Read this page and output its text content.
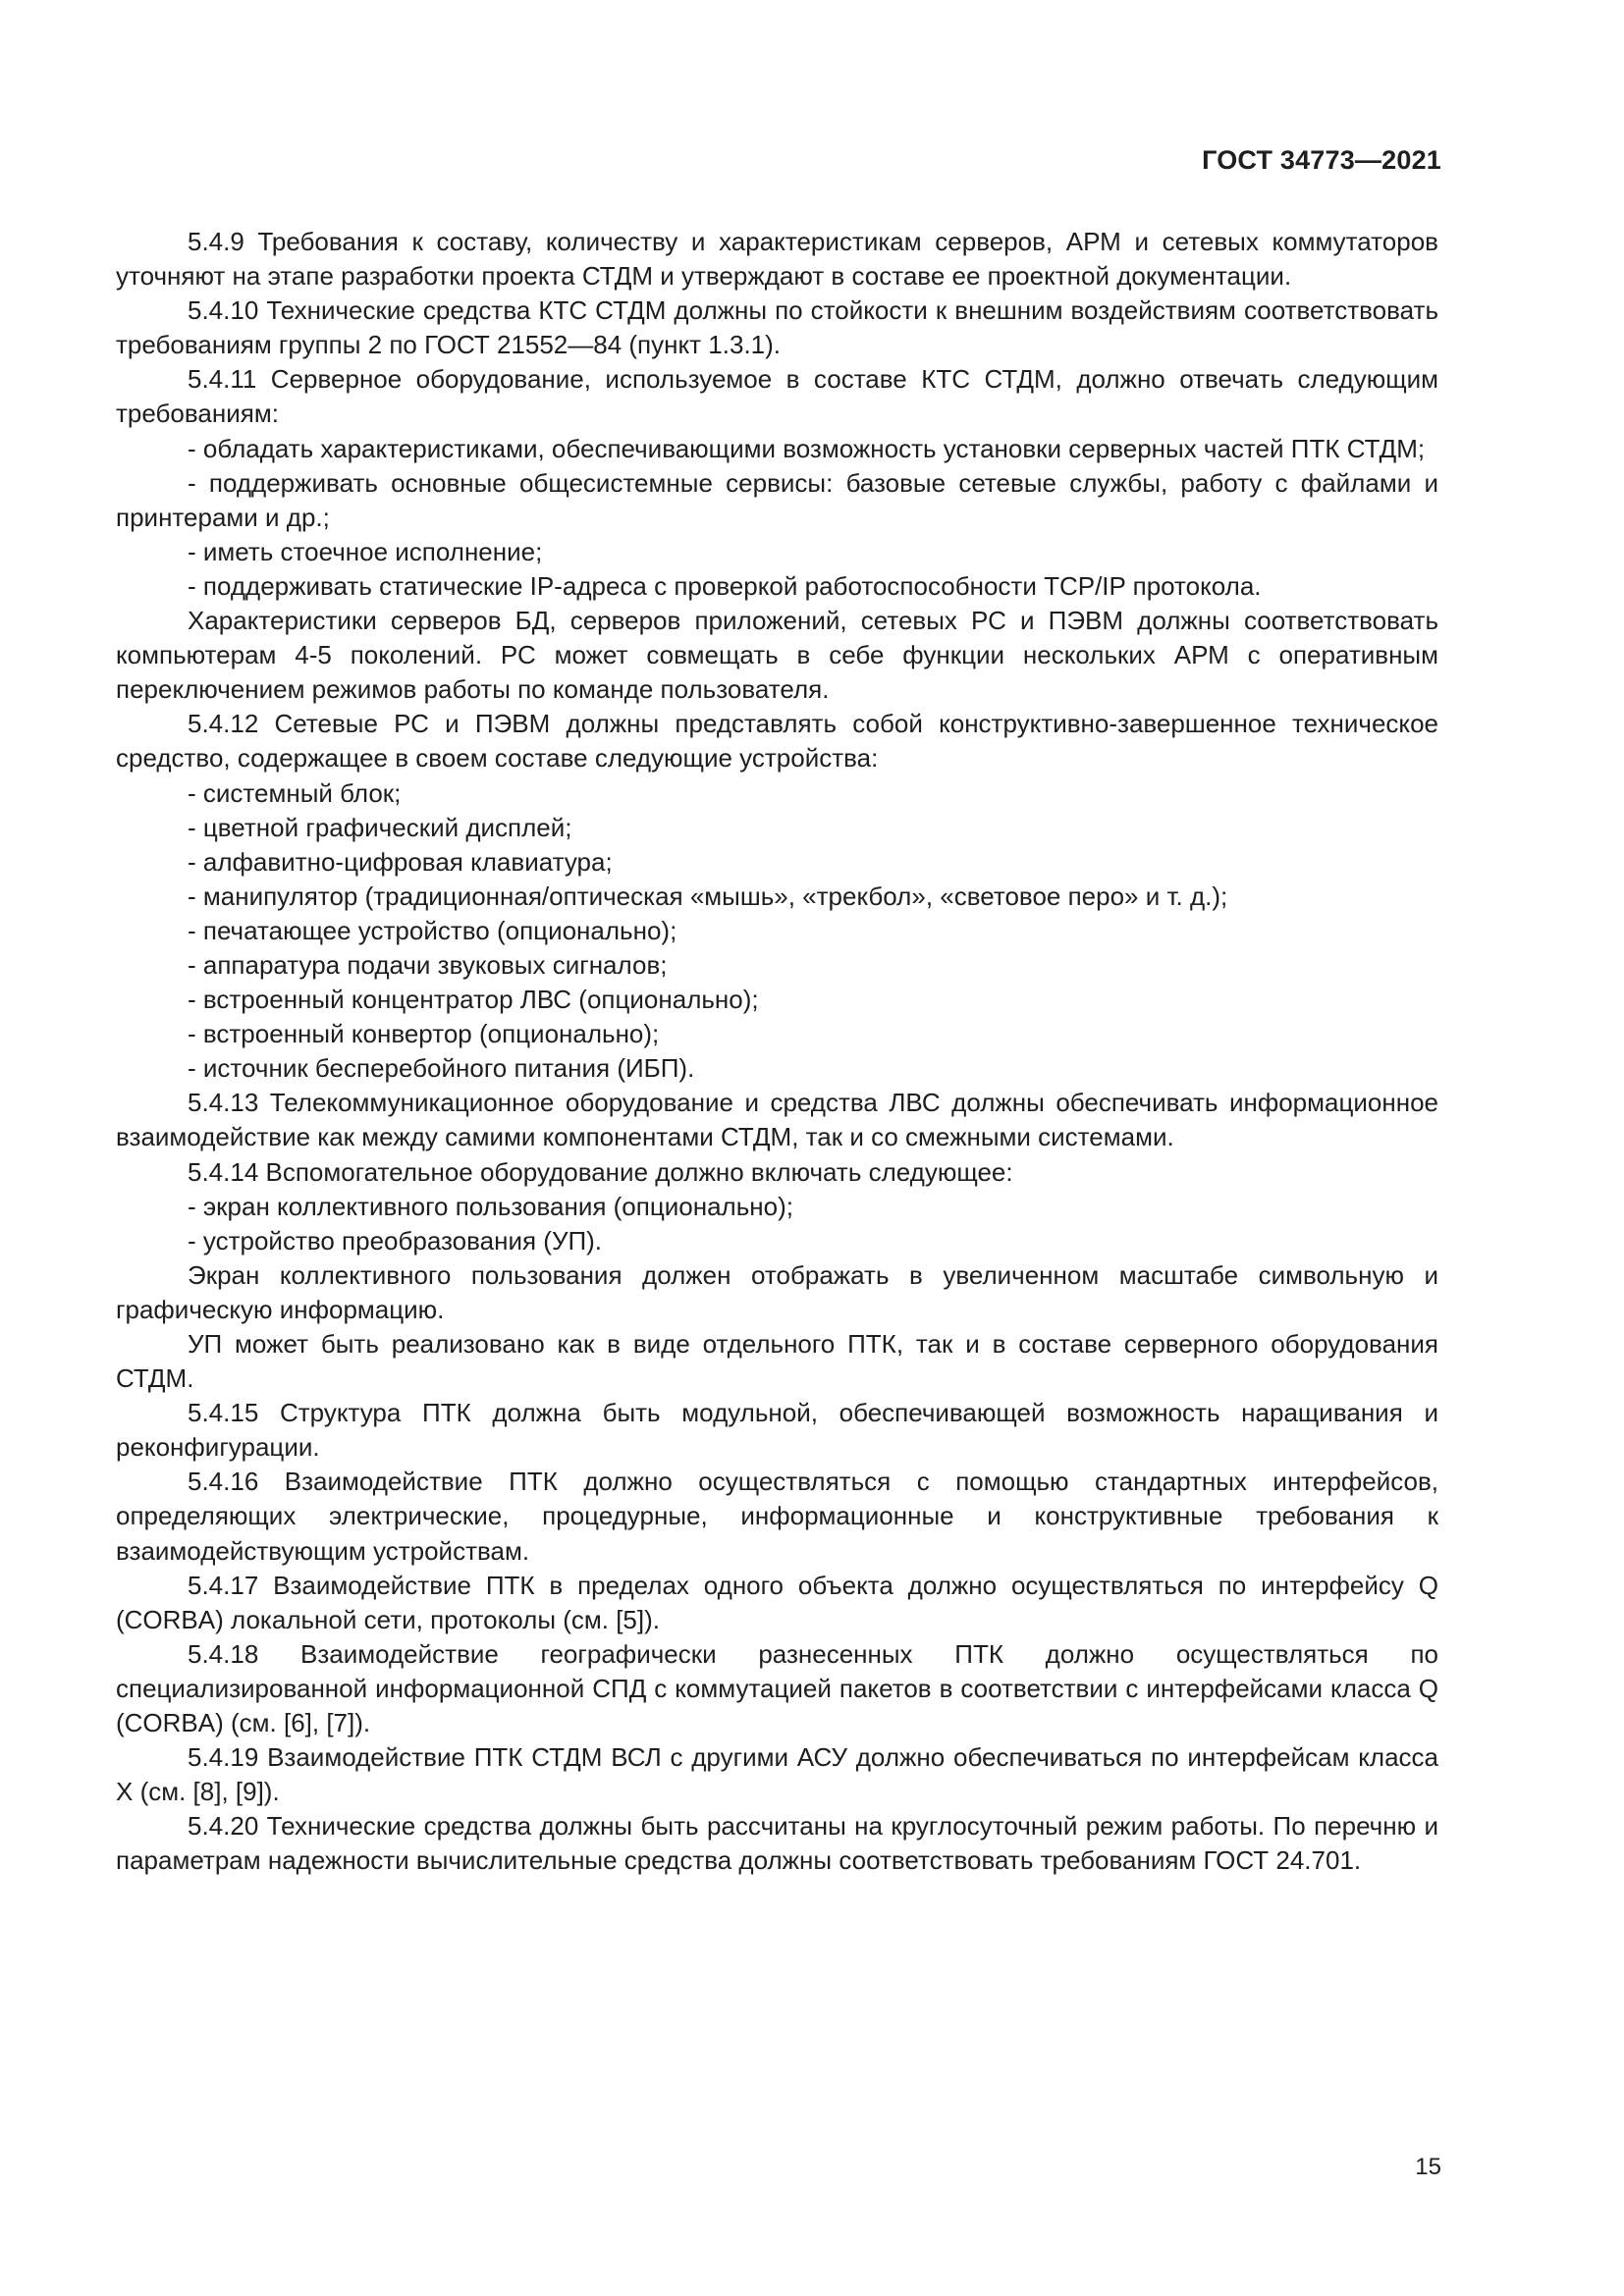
ГОСТ 34773—2021

5.4.9 Требования к составу, количеству и характеристикам серверов, АРМ и сетевых коммутаторов уточняют на этапе разработки проекта СТДМ и утверждают в составе ее проектной документации.

5.4.10 Технические средства КТС СТДМ должны по стойкости к внешним воздействиям соответствовать требованиям группы 2 по ГОСТ 21552—84 (пункт 1.3.1).

5.4.11 Серверное оборудование, используемое в составе КТС СТДМ, должно отвечать следующим требованиям:

- обладать характеристиками, обеспечивающими возможность установки серверных частей ПТК СТДМ;

- поддерживать основные общесистемные сервисы: базовые сетевые службы, работу с файлами и принтерами и др.;

- иметь стоечное исполнение;

- поддерживать статические IP-адреса с проверкой работоспособности TCP/IP протокола.

Характеристики серверов БД, серверов приложений, сетевых РС и ПЭВМ должны соответствовать компьютерам 4-5 поколений. РС может совмещать в себе функции нескольких АРМ с оперативным переключением режимов работы по команде пользователя.

5.4.12 Сетевые РС и ПЭВМ должны представлять собой конструктивно-завершенное техническое средство, содержащее в своем составе следующие устройства:

- системный блок;

- цветной графический дисплей;

- алфавитно-цифровая клавиатура;

- манипулятор (традиционная/оптическая «мышь», «трекбол», «световое перо» и т. д.);

- печатающее устройство (опционально);

- аппаратура подачи звуковых сигналов;

- встроенный концентратор ЛВС (опционально);

- встроенный конвертор (опционально);

- источник бесперебойного питания (ИБП).

5.4.13 Телекоммуникационное оборудование и средства ЛВС должны обеспечивать информационное взаимодействие как между самими компонентами СТДМ, так и со смежными системами.

5.4.14 Вспомогательное оборудование должно включать следующее:

- экран коллективного пользования (опционально);

- устройство преобразования (УП).

Экран коллективного пользования должен отображать в увеличенном масштабе символьную и графическую информацию.

УП может быть реализовано как в виде отдельного ПТК, так и в составе серверного оборудования СТДМ.

5.4.15 Структура ПТК должна быть модульной, обеспечивающей возможность наращивания и реконфигурации.

5.4.16 Взаимодействие ПТК должно осуществляться с помощью стандартных интерфейсов, определяющих электрические, процедурные, информационные и конструктивные требования к взаимодействующим устройствам.

5.4.17 Взаимодействие ПТК в пределах одного объекта должно осуществляться по интерфейсу Q (CORBA) локальной сети, протоколы (см. [5]).

5.4.18 Взаимодействие географически разнесенных ПТК должно осуществляться по специализированной информационной СПД с коммутацией пакетов в соответствии с интерфейсами класса Q (CORBA) (см. [6], [7]).

5.4.19 Взаимодействие ПТК СТДМ ВСЛ с другими АСУ должно обеспечиваться по интерфейсам класса X (см. [8], [9]).

5.4.20 Технические средства должны быть рассчитаны на круглосуточный режим работы. По перечню и параметрам надежности вычислительные средства должны соответствовать требованиям ГОСТ 24.701.

15
